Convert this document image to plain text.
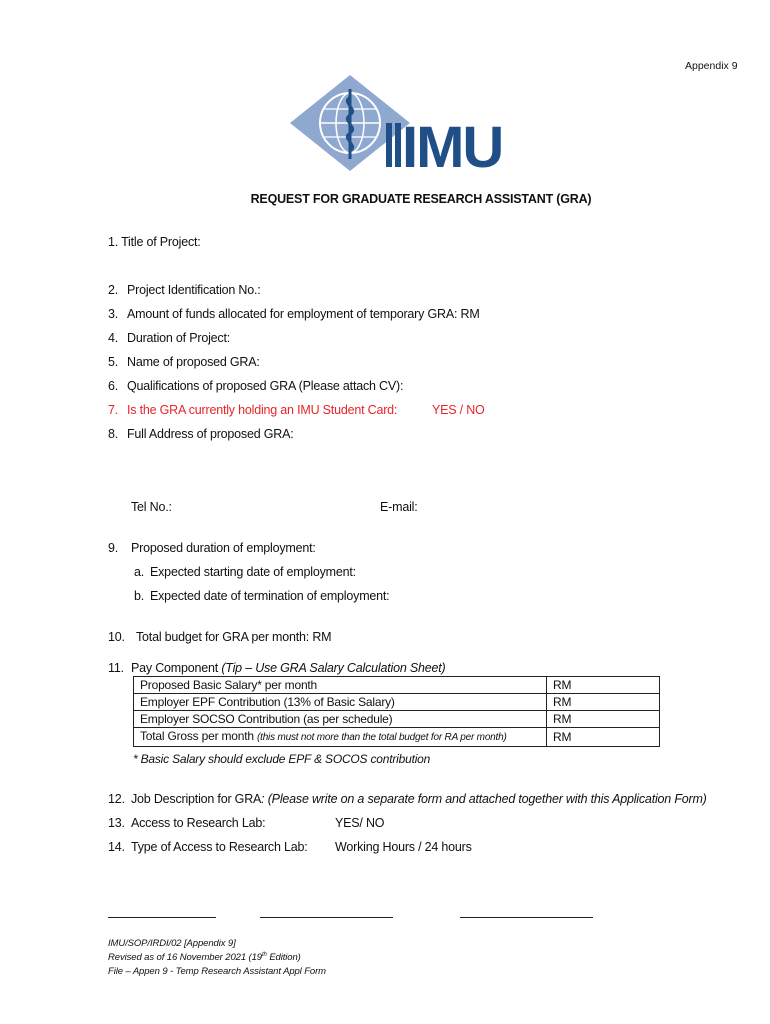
Appendix 9
IMU
REQUEST FOR GRADUATE RESEARCH ASSISTANT (GRA)
1. Title of Project:
2. Project Identification No.:
3. Amount of funds allocated for employment of temporary GRA: RM
4. Duration of Project:
5. Name of proposed GRA:
6. Qualifications of proposed GRA (Please attach CV):
7. Is the GRA currently holding an IMU Student Card:	YES / NO
8. Full Address of proposed GRA:
Tel No.:	E-mail:
9. Proposed duration of employment:
a. Expected starting date of employment:
b. Expected date of termination of employment:
10. Total budget for GRA per month: RM
11. Pay Component (Tip – Use GRA Salary Calculation Sheet)
Proposed Basic Salary* per month	RM
Employer EPF Contribution (13% of Basic Salary)	RM
Employer SOCSO Contribution (as per schedule)	RM
Total Gross per month (this must not more than the total budget for RA per month)	RM
* Basic Salary should exclude EPF & SOCOS contribution
12. Job Description for GRA: (Please write on a separate form and attached together with this Application Form)
13. Access to Research Lab:	YES/ NO
14. Type of Access to Research Lab: Working Hours / 24 hours
IMU/SOP/IRDI/02 [Appendix 9]
Revised as of 16 November 2021 (19th Edition)
File – Appen 9 - Temp Research Assistant Appl Form
